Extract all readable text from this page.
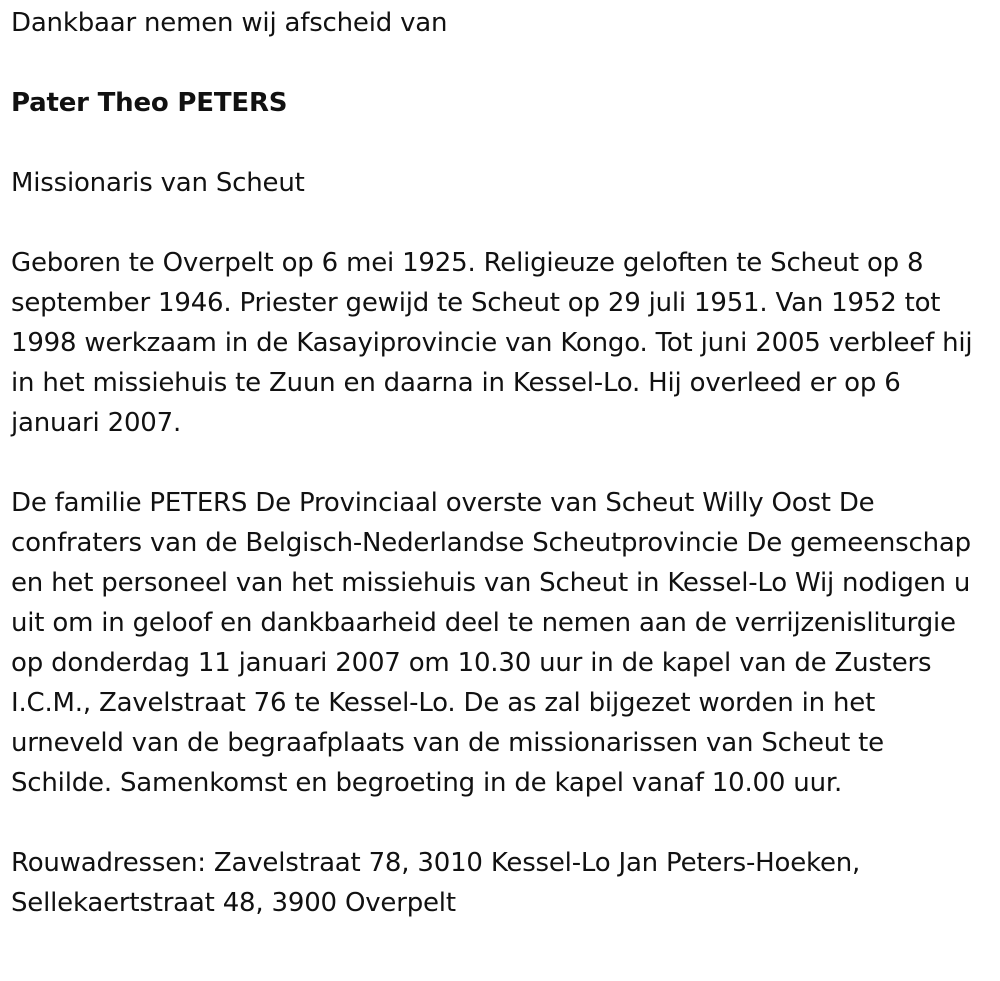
Dankbaar nemen wij afscheid van

Pater Theo PETERS

Missionaris van Scheut

Geboren te Overpelt op 6 mei 1925. Religieuze geloften te Scheut op 8 september 1946. Priester gewijd te Scheut op 29 juli 1951. Van 1952 tot 1998 werkzaam in de Kasayiprovincie van Kongo. Tot juni 2005 verbleef hij in het missiehuis te Zuun en daarna in Kessel-Lo. Hij overleed er op 6 januari 2007.

De familie PETERS De Provinciaal overste van Scheut Willy Oost De confraters van de Belgisch-Nederlandse Scheutprovincie De gemeenschap en het personeel van het missiehuis van Scheut in Kessel-Lo Wij nodigen u uit om in geloof en dankbaarheid deel te nemen aan de verrijzenisliturgie op donderdag 11 januari 2007 om 10.30 uur in de kapel van de Zusters I.C.M., Zavelstraat 76 te Kessel-Lo. De as zal bijgezet worden in het urneveld van de begraafplaats van de missionarissen van Scheut te Schilde. Samenkomst en begroeting in de kapel vanaf 10.00 uur.

Rouwadressen: Zavelstraat 78, 3010 Kessel-Lo Jan Peters-Hoeken, Sellekaertstraat 48, 3900 Overpelt
